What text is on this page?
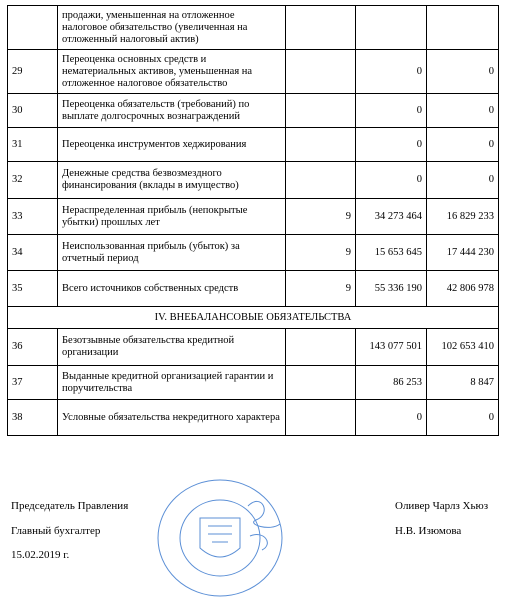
	продажи, уменьшенная на отложенное налоговое обязательство (увеличенная на отложенный налоговый актив)			
29	Переоценка основных средств и нематериальных активов, уменьшенная на отложенное налоговое обязательство		0	0
30	Переоценка обязательств (требований) по выплате долгосрочных вознаграждений		0	0
31	Переоценка инструментов хеджирования		0	0
32	Денежные средства безвозмездного финансирования (вклады в имущество)		0	0
33	Нераспределенная прибыль (непокрытые убытки) прошлых лет	9	34 273 464	16 829 233
34	Неиспользованная прибыль (убыток) за отчетный период	9	15 653 645	17 444 230
35	Всего источников собственных средств	9	55 336 190	42 806 978
IV. ВНЕБАЛАНСОВЫЕ ОБЯЗАТЕЛЬСТВА				
36	Безотзывные обязательства кредитной организации		143 077 501	102 653 410
37	Выданные кредитной организацией гарантии и поручительства		86 253	8 847
38	Условные обязательства некредитного характера		0	0
Председатель Правления	Оливер Чарлз Хьюз
Главный бухгалтер	Н.В. Изюмова
15.02.2019 г.
